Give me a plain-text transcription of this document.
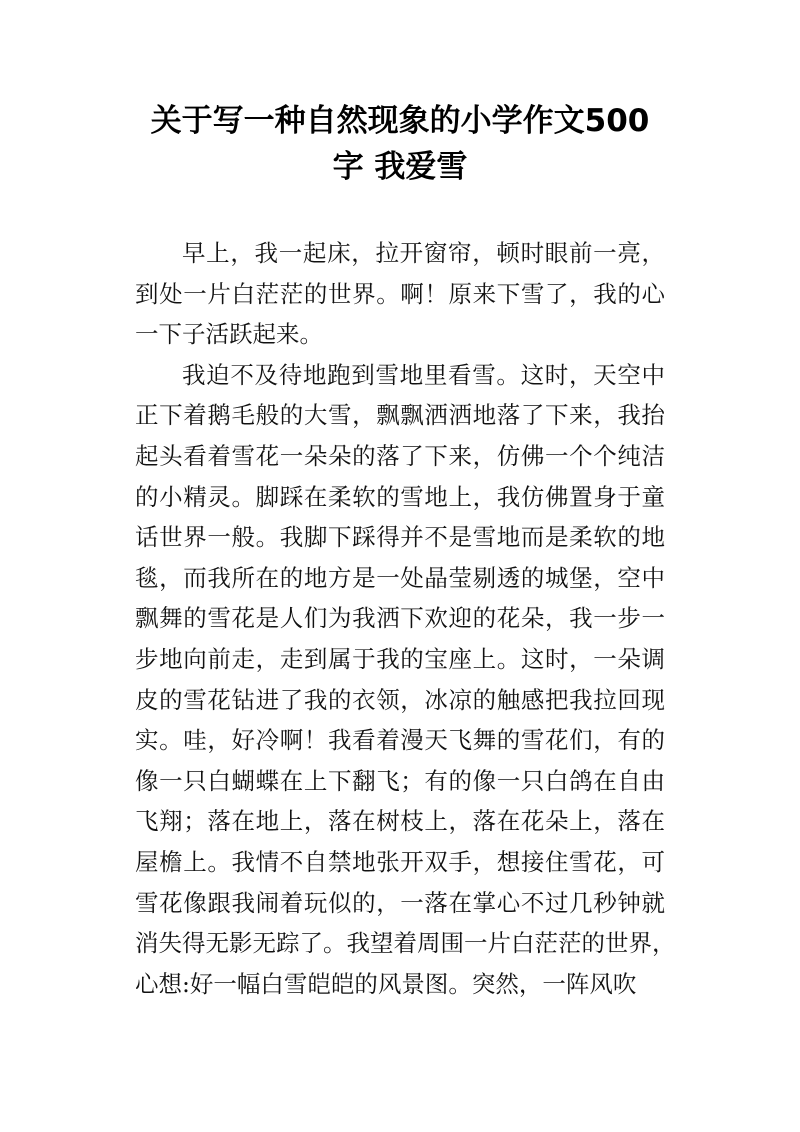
关于写一种自然现象的小学作文500
字 我爱雪
早上，我一起床，拉开窗帘，顿时眼前一亮，
到处一片白茫茫的世界。啊！原来下雪了，我的心
一下子活跃起来。
我迫不及待地跑到雪地里看雪。这时，天空中
正下着鹅毛般的大雪，飘飘洒洒地落了下来，我抬
起头看着雪花一朵朵的落了下来，仿佛一个个纯洁
的小精灵。脚踩在柔软的雪地上，我仿佛置身于童
话世界一般。我脚下踩得并不是雪地而是柔软的地
毯，而我所在的地方是一处晶莹剔透的城堡，空中
飘舞的雪花是人们为我洒下欢迎的花朵，我一步一
步地向前走，走到属于我的宝座上。这时，一朵调
皮的雪花钻进了我的衣领，冰凉的触感把我拉回现
实。哇，好冷啊！我看着漫天飞舞的雪花们，有的
像一只白蝴蝶在上下翻飞；有的像一只白鸽在自由
飞翔；落在地上，落在树枝上，落在花朵上，落在
屋檐上。我情不自禁地张开双手，想接住雪花，可
雪花像跟我闹着玩似的，一落在掌心不过几秒钟就
消失得无影无踪了。我望着周围一片白茫茫的世界，
心想:好一幅白雪皑皑的风景图。突然，一阵风吹
